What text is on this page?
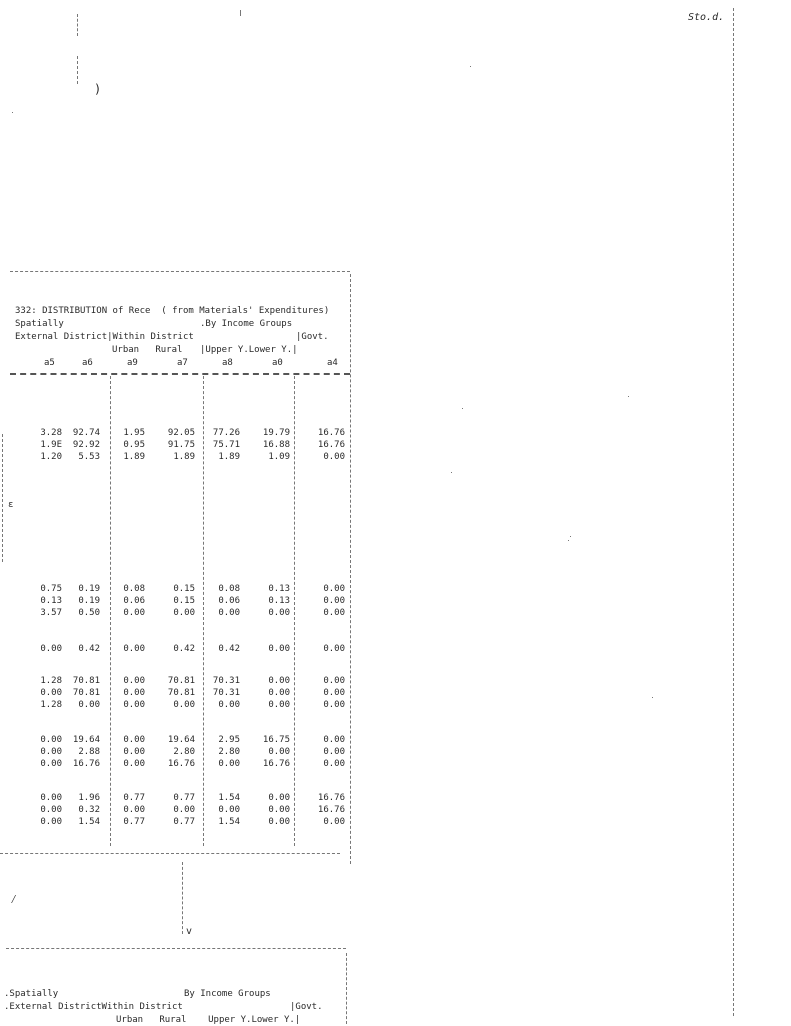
)
Sto.d.
332: DISTRIBUTION of Rece  ( from Materials' Expenditures)
Spatially	.By Income Groups
External District|Within District	|Govt.
Urban   Rural |Upper Y.Lower Y.|
a5	a6	a9	a7	a8	a0	a4
3.28	92.74	1.95	92.05	77.26	19.79	16.76
1.9E	92.92	0.95	91.75	75.71	16.88	16.76
1.20	5.53	1.89	1.89	1.89	1.09	0.00
0.75	0.19	0.08	0.15	0.08	0.13	0.00
0.13	0.19	0.06	0.15	0.06	0.13	0.00
3.57	0.50	0.00	0.00	0.00	0.00	0.00
0.00	0.42	0.00	0.42	0.42	0.00	0.00
1.28	70.81	0.00	70.81	70.31	0.00	0.00
0.00	70.81	0.00	70.81	70.31	0.00	0.00
1.28	0.00	0.00	0.00	0.00	0.00	0.00
0.00	19.64	0.00	19.64	2.95	16.75	0.00
0.00	2.88	0.00	2.80	2.80	0.00	0.00
0.00	16.76	0.00	16.76	0.00	16.76	0.00
0.00	1.96	0.77	0.77	1.54	0.00	16.76
0.00	0.32	0.00	0.00	0.00	0.00	16.76
0.00	1.54	0.77	0.77	1.54	0.00	0.00
ε
v
⁄
.Spatially	By Income Groups
.External DistrictWithin District	|Govt.
Urban   Rural    Upper Y.Lower Y.|
